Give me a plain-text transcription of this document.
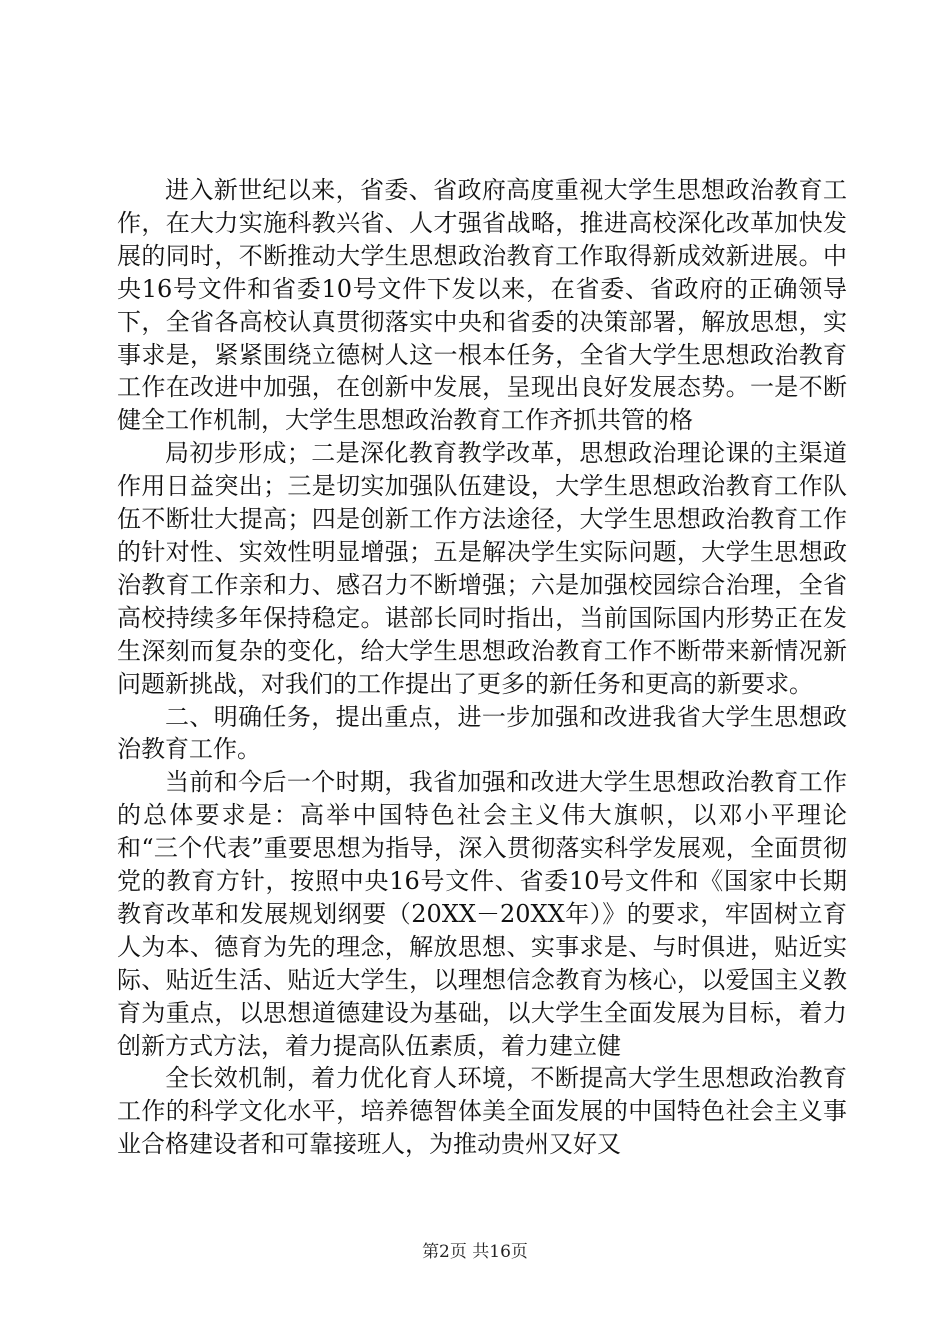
进入新世纪以来，省委、省政府高度重视大学生思想政治教育工作，在大力实施科教兴省、人才强省战略，推进高校深化改革加快发展的同时，不断推动大学生思想政治教育工作取得新成效新进展。中央16号文件和省委10号文件下发以来，在省委、省政府的正确领导下，全省各高校认真贯彻落实中央和省委的决策部署，解放思想，实事求是，紧紧围绕立德树人这一根本任务，全省大学生思想政治教育工作在改进中加强，在创新中发展，呈现出良好发展态势。一是不断健全工作机制，大学生思想政治教育工作齐抓共管的格

局初步形成；二是深化教育教学改革，思想政治理论课的主渠道作用日益突出；三是切实加强队伍建设，大学生思想政治教育工作队伍不断壮大提高；四是创新工作方法途径，大学生思想政治教育工作的针对性、实效性明显增强；五是解决学生实际问题，大学生思想政治教育工作亲和力、感召力不断增强；六是加强校园综合治理，全省高校持续多年保持稳定。谌部长同时指出，当前国际国内形势正在发生深刻而复杂的变化，给大学生思想政治教育工作不断带来新情况新问题新挑战，对我们的工作提出了更多的新任务和更高的新要求。

二、明确任务，提出重点，进一步加强和改进我省大学生思想政治教育工作。

当前和今后一个时期，我省加强和改进大学生思想政治教育工作的总体要求是：高举中国特色社会主义伟大旗帜，以邓小平理论和“三个代表”重要思想为指导，深入贯彻落实科学发展观，全面贯彻党的教育方针，按照中央16号文件、省委10号文件和《国家中长期教育改革和发展规划纲要（20XX－20XX年）》的要求，牢固树立育人为本、德育为先的理念，解放思想、实事求是、与时俱进，贴近实际、贴近生活、贴近大学生，以理想信念教育为核心，以爱国主义教育为重点，以思想道德建设为基础，以大学生全面发展为目标，着力创新方式方法，着力提高队伍素质，着力建立健

全长效机制，着力优化育人环境，不断提高大学生思想政治教育工作的科学文化水平，培养德智体美全面发展的中国特色社会主义事业合格建设者和可靠接班人，为推动贵州又好又

第2页 共16页
